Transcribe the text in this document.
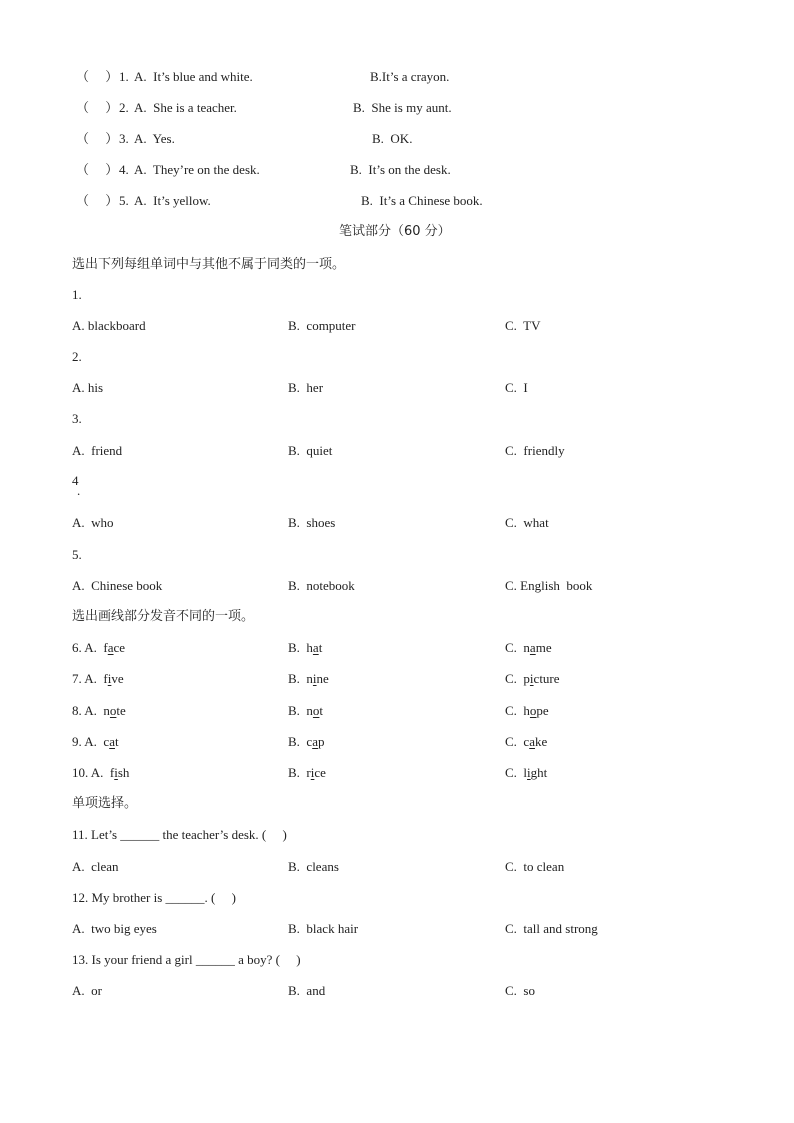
（     ） 1. A.  It’s blue and white.	B.It’s a crayon.
（     ） 2. A.  She is a teacher.	B.  She is my aunt.
（     ） 3. A.  Yes.	B.  OK.
（     ） 4. A.  They’re on the desk.	B.  It’s on the desk.
（     ） 5. A.  It’s yellow.	B.  It’s a Chinese book.
笔试部分（60 分）
选出下列每组单词中与其他不属于同类的一项。
1.
A. blackboard	B.  computer	C.  TV
2.
A. his	B.  her	C.  I
3.
A.  friend	B.  quiet	C.  friendly
4
.
A.  who	B.  shoes	C.  what
5.
A.  Chinese book	B.  notebook	C. English  book
选出画线部分发音不同的一项。
6. A.  face	B.  hat	C.  name
7. A.  five	B.  nine	C.  picture
8. A.  note	B.  not	C.  hope
9. A.  cat	B.  cap	C.  cake
10. A.  fish	B.  rice	C.  light
单项选择。
11. Let’s ______ the teacher’s desk. (     )
A.  clean	B.  cleans	C.  to clean
12. My brother is ______. (     )
A.  two big eyes	B.  black hair	C.  tall and strong
13. Is your friend a girl ______ a boy? (     )
A.  or	B.  and	C.  so
